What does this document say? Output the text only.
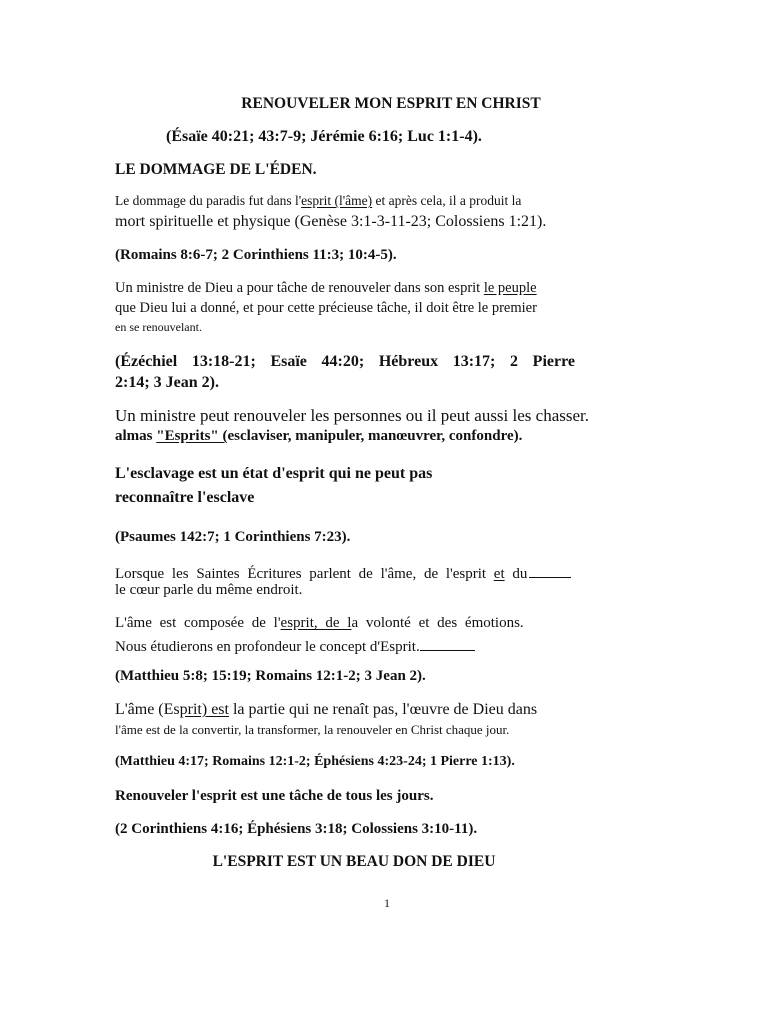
RENOUVELER MON ESPRIT EN CHRIST
(Ésaïe 40:21; 43:7-9; Jérémie 6:16; Luc 1:1-4).
LE DOMMAGE DE L'ÉDEN.
Le dommage du paradis fut dans l'esprit (l'âme) et après cela, il a produit la
mort spirituelle et physique (Genèse 3:1-3-11-23; Colossiens 1:21).
(Romains 8:6-7; 2 Corinthiens 11:3; 10:4-5).
Un ministre de Dieu a pour tâche de renouveler dans son esprit le peuple
que Dieu lui a donné, et pour cette précieuse tâche, il doit être le premier
en se renouvelant.
(Ézéchiel 13:18-21; Esaïe 44:20; Hébreux 13:17; 2 Pierre
2:14; 3 Jean 2).
Un ministre peut renouveler les personnes ou il peut aussi les chasser.
almas "Esprits" (esclaviser, manipuler, manœuvrer, confondre).
L'esclavage est un état d'esprit qui ne peut pas
reconnaître l'esclave
(Psaumes 142:7; 1 Corinthiens 7:23).
Lorsque les Saintes Écritures parlent de l'âme, de l'esprit et du
le cœur parle du même endroit.
L'âme est composée de l'esprit, de la volonté et des émotions.
Nous étudierons en profondeur le concept d'Esprit.
(Matthieu 5:8; 15:19; Romains 12:1-2; 3 Jean 2).
L'âme (Esprit) est la partie qui ne renaît pas, l'œuvre de Dieu dans
l'âme est de la convertir, la transformer, la renouveler en Christ chaque jour.
(Matthieu 4:17; Romains 12:1-2; Éphésiens 4:23-24; 1 Pierre 1:13).
Renouveler l'esprit est une tâche de tous les jours.
(2 Corinthiens 4:16; Éphésiens 3:18; Colossiens 3:10-11).
L'ESPRIT EST UN BEAU DON DE DIEU
1
